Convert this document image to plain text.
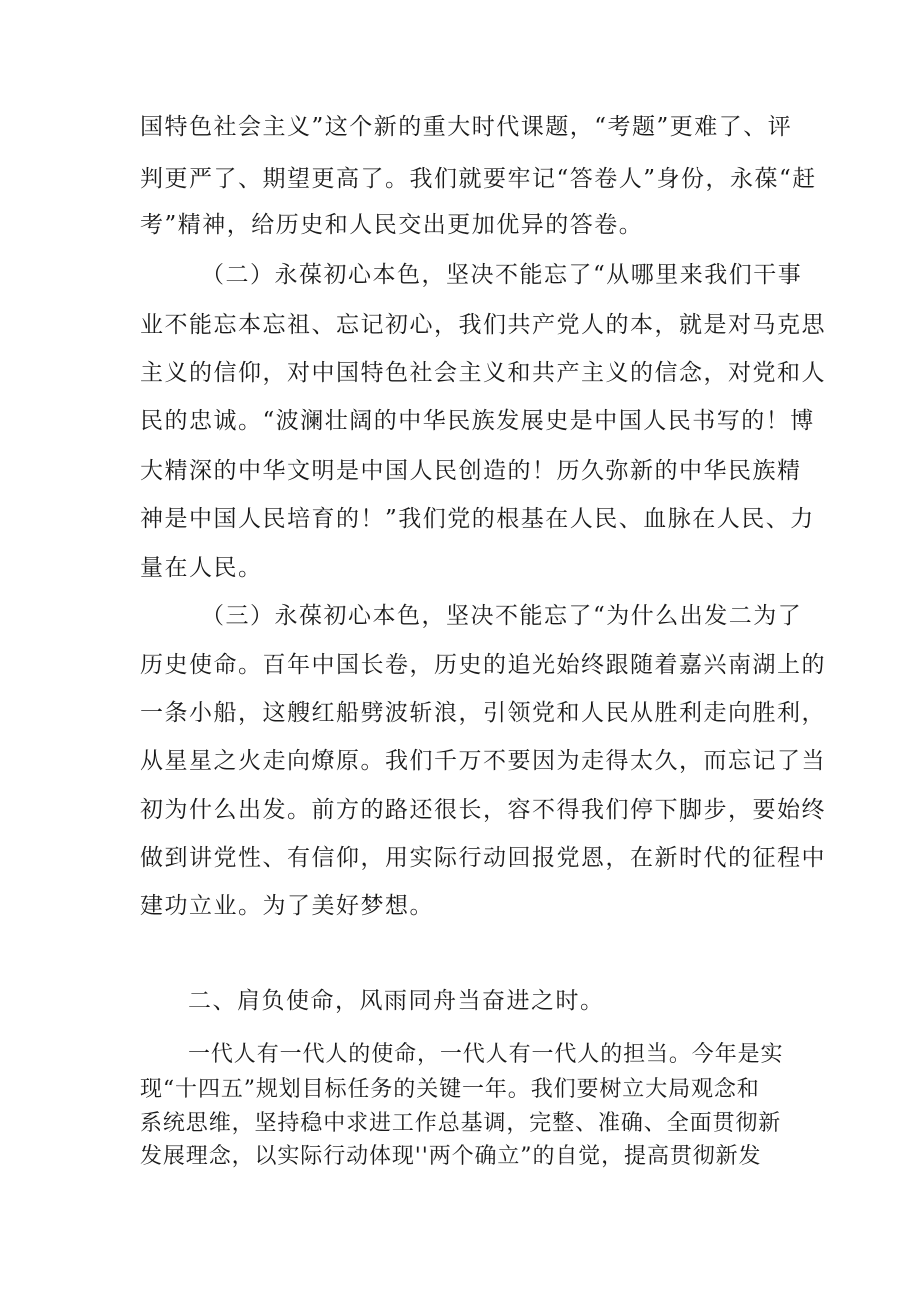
国特色社会主义”这个新的重大时代课题，“考题”更难了、评
判更严了、期望更高了。我们就要牢记“答卷人”身份，永葆“赶
考”精神，给历史和人民交出更加优异的答卷。
（二）永葆初心本色，坚决不能忘了“从哪里来我们干事
业不能忘本忘祖、忘记初心，我们共产党人的本，就是对马克思
主义的信仰，对中国特色社会主义和共产主义的信念，对党和人
民的忠诚。“波澜壮阔的中华民族发展史是中国人民书写的！博
大精深的中华文明是中国人民创造的！历久弥新的中华民族精
神是中国人民培育的！”我们党的根基在人民、血脉在人民、力
量在人民。
（三）永葆初心本色，坚决不能忘了“为什么出发二为了
历史使命。百年中国长卷，历史的追光始终跟随着嘉兴南湖上的
一条小船，这艘红船劈波斩浪，引领党和人民从胜利走向胜利，
从星星之火走向燎原。我们千万不要因为走得太久，而忘记了当
初为什么出发。前方的路还很长，容不得我们停下脚步，要始终
做到讲党性、有信仰，用实际行动回报党恩，在新时代的征程中
建功立业。为了美好梦想。
二、肩负使命，风雨同舟当奋进之时。
一代人有一代人的使命，一代人有一代人的担当。今年是实
现“十四五”规划目标任务的关键一年。我们要树立大局观念和
系统思维，坚持稳中求进工作总基调，完整、准确、全面贯彻新
发展理念，以实际行动体现''两个确立”的自觉，提高贯彻新发
